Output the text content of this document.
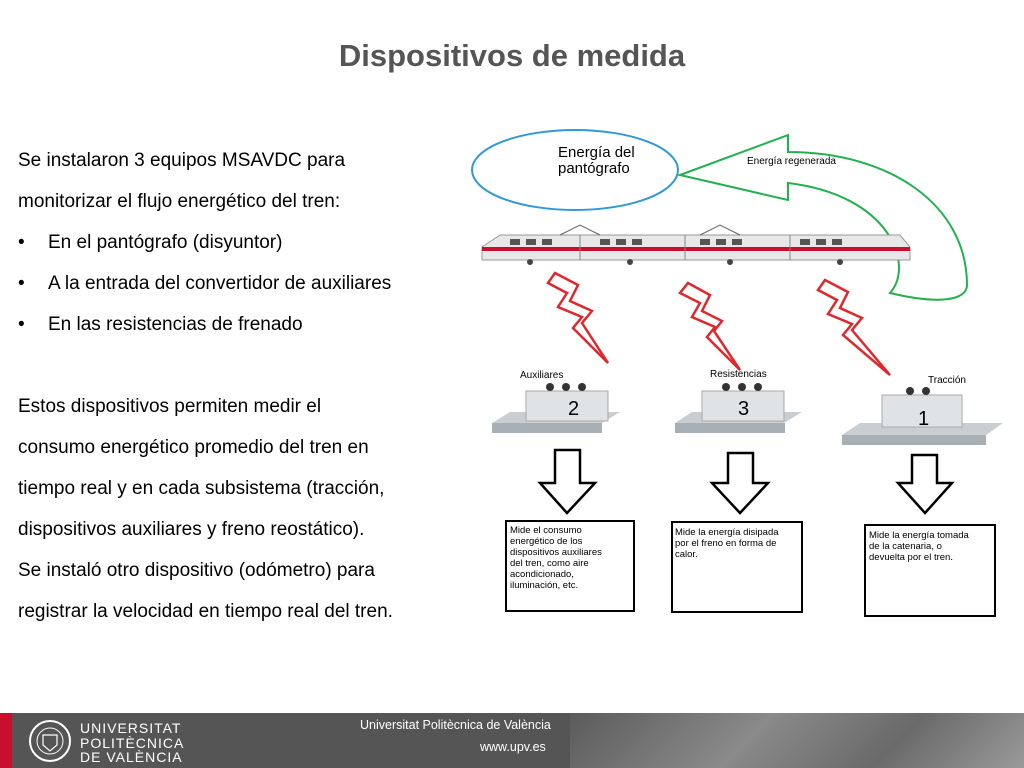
Dispositivos de medida
Se instalaron 3 equipos MSAVDC para
monitorizar el flujo energético del tren:
• En el pantógrafo (disyuntor)
• A la entrada del convertidor de auxiliares
• En las resistencias de frenado
Estos dispositivos permiten medir el
consumo energético promedio del tren en
tiempo real y en cada subsistema (tracción,
dispositivos auxiliares y freno reostático).
Se instaló otro dispositivo (odómetro) para
registrar la velocidad en tiempo real del tren.
Energía del
pantógrafo	Energía regenerada
Auxiliares	Resistencias
Tracción
2	3	1
Mide el consumo
energético de los
dispositivos auxiliares
del tren, como aire
acondicionado,
iluminación, etc.
Mide la energía disipada
por el freno en forma de
calor.
Mide la energía tomada
de la catenaria, o
devuelta por el tren.
UNIVERSITAT
POLITÈCNICA
DE VALÈNCIA
Universitat Politècnica de València
www.upv.es
